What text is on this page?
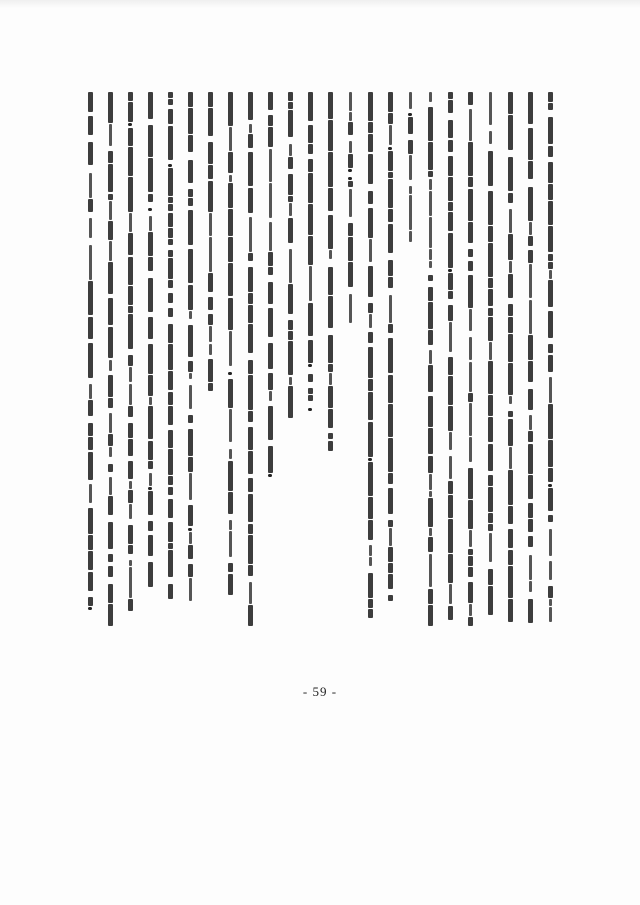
- 59 -
